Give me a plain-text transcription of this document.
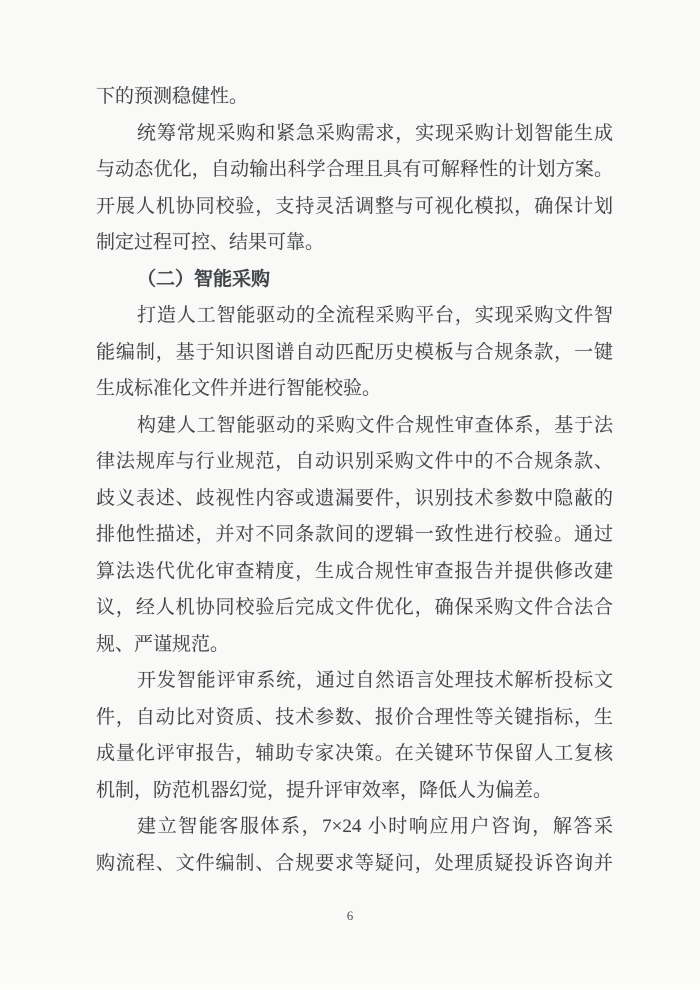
下的预测稳健性。
统筹常规采购和紧急采购需求，实现采购计划智能生成
与动态优化，自动输出科学合理且具有可解释性的计划方案。
开展人机协同校验，支持灵活调整与可视化模拟，确保计划
制定过程可控、结果可靠。
（二）智能采购
打造人工智能驱动的全流程采购平台，实现采购文件智
能编制，基于知识图谱自动匹配历史模板与合规条款，一键
生成标准化文件并进行智能校验。
构建人工智能驱动的采购文件合规性审查体系，基于法
律法规库与行业规范，自动识别采购文件中的不合规条款、
歧义表述、歧视性内容或遗漏要件，识别技术参数中隐蔽的
排他性描述，并对不同条款间的逻辑一致性进行校验。通过
算法迭代优化审查精度，生成合规性审查报告并提供修改建
议，经人机协同校验后完成文件优化，确保采购文件合法合
规、严谨规范。
开发智能评审系统，通过自然语言处理技术解析投标文
件，自动比对资质、技术参数、报价合理性等关键指标，生
成量化评审报告，辅助专家决策。在关键环节保留人工复核
机制，防范机器幻觉，提升评审效率，降低人为偏差。
建立智能客服体系，7×24 小时响应用户咨询，解答采
购流程、文件编制、合规要求等疑问，处理质疑投诉咨询并
6
